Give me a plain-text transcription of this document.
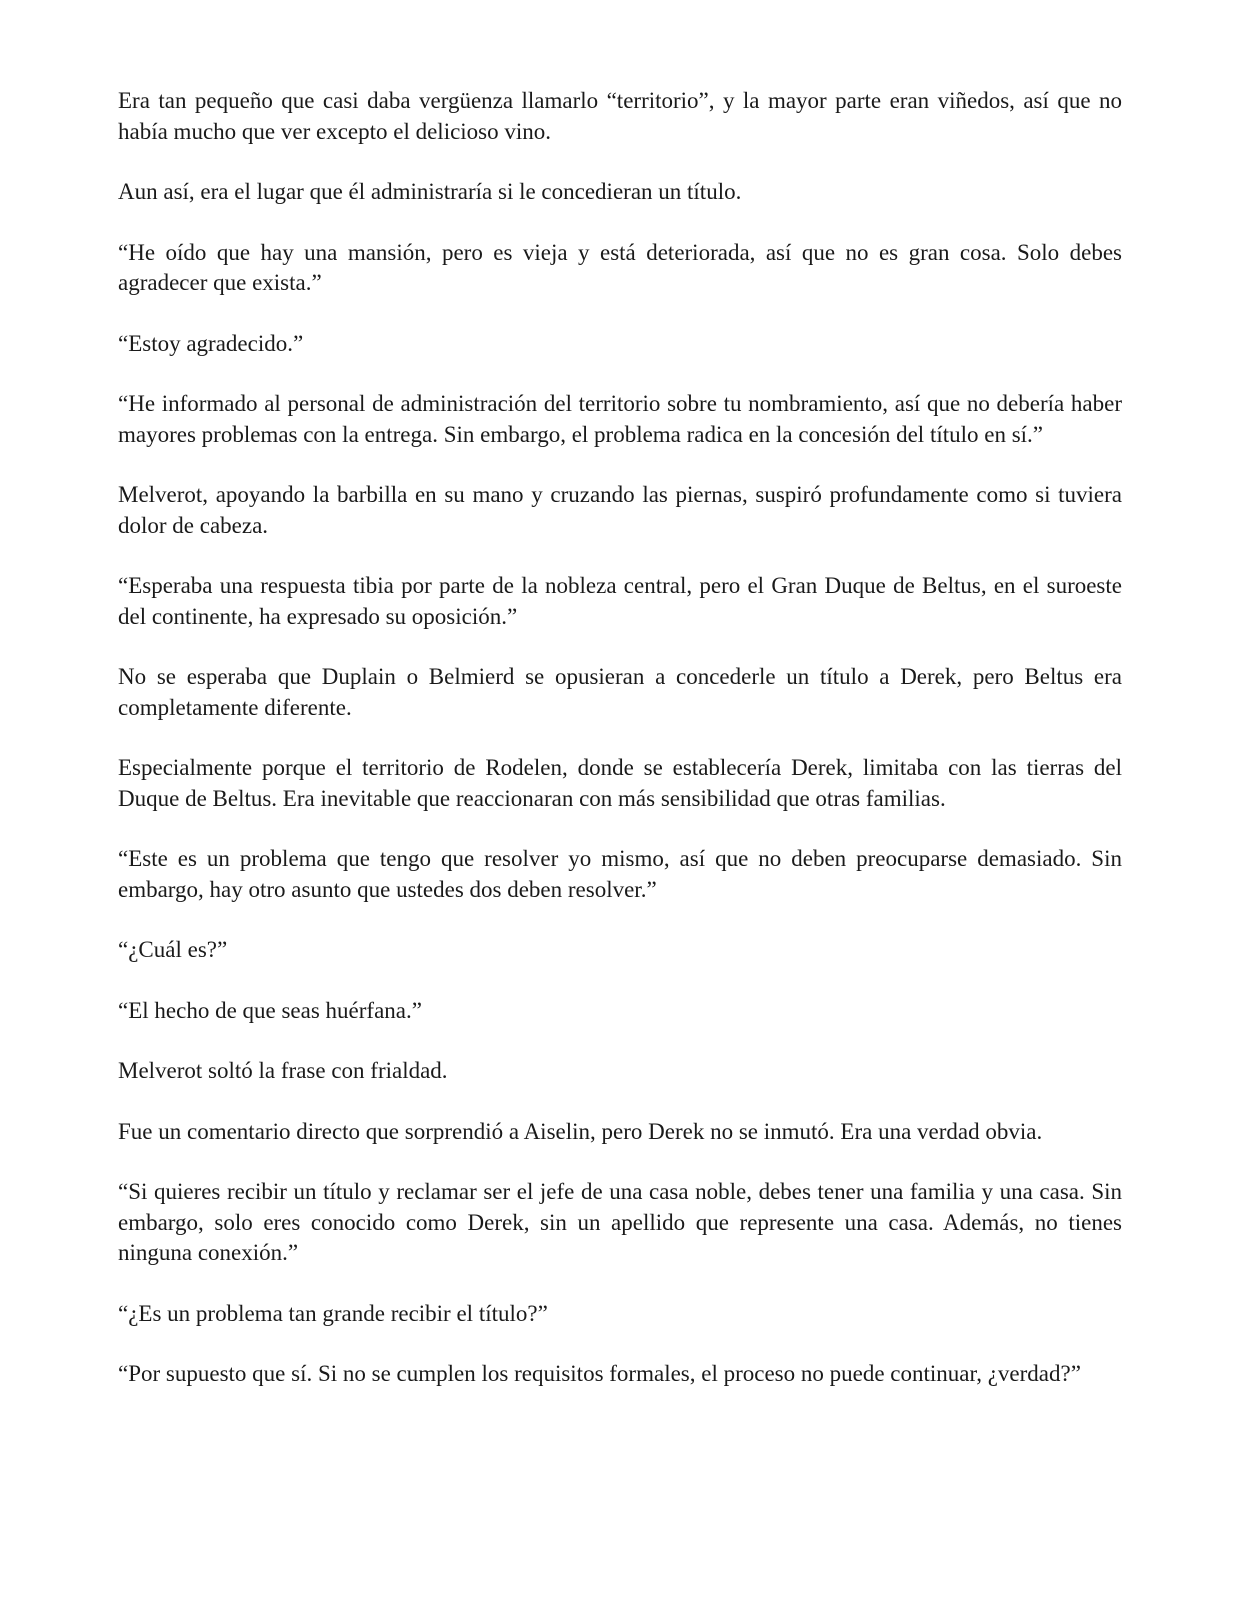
Era tan pequeño que casi daba vergüenza llamarlo “territorio”, y la mayor parte eran viñedos, así que no había mucho que ver excepto el delicioso vino.

Aun así, era el lugar que él administraría si le concedieran un título.

“He oído que hay una mansión, pero es vieja y está deteriorada, así que no es gran cosa. Solo debes agradecer que exista.”

“Estoy agradecido.”

“He informado al personal de administración del territorio sobre tu nombramiento, así que no debería haber mayores problemas con la entrega. Sin embargo, el problema radica en la concesión del título en sí.”

Melverot, apoyando la barbilla en su mano y cruzando las piernas, suspiró profundamente como si tuviera dolor de cabeza.

“Esperaba una respuesta tibia por parte de la nobleza central, pero el Gran Duque de Beltus, en el suroeste del continente, ha expresado su oposición.”

No se esperaba que Duplain o Belmierd se opusieran a concederle un título a Derek, pero Beltus era completamente diferente.

Especialmente porque el territorio de Rodelen, donde se establecería Derek, limitaba con las tierras del Duque de Beltus. Era inevitable que reaccionaran con más sensibilidad que otras familias.

“Este es un problema que tengo que resolver yo mismo, así que no deben preocuparse demasiado. Sin embargo, hay otro asunto que ustedes dos deben resolver.”

“¿Cuál es?”

“El hecho de que seas huérfana.”

Melverot soltó la frase con frialdad.

Fue un comentario directo que sorprendió a Aiselin, pero Derek no se inmutó. Era una verdad obvia.

“Si quieres recibir un título y reclamar ser el jefe de una casa noble, debes tener una familia y una casa. Sin embargo, solo eres conocido como Derek, sin un apellido que represente una casa. Además, no tienes ninguna conexión.”

“¿Es un problema tan grande recibir el título?”

“Por supuesto que sí. Si no se cumplen los requisitos formales, el proceso no puede continuar, ¿verdad?”
